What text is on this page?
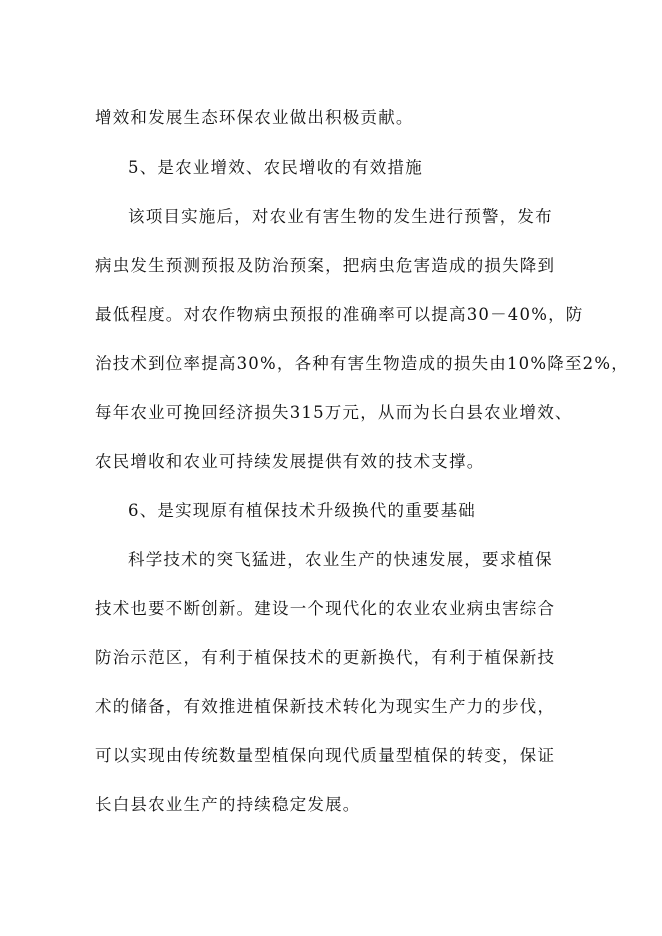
增效和发展生态环保农业做出积极贡献。
5、是农业增效、农民增收的有效措施
该项目实施后，对农业有害生物的发生进行预警，发布
病虫发生预测预报及防治预案，把病虫危害造成的损失降到
最低程度。对农作物病虫预报的准确率可以提高30－40%，防
治技术到位率提高30%，各种有害生物造成的损失由10%降至2%，
每年农业可挽回经济损失315万元，从而为长白县农业增效、
农民增收和农业可持续发展提供有效的技术支撑。
6、是实现原有植保技术升级换代的重要基础
科学技术的突飞猛进，农业生产的快速发展，要求植保
技术也要不断创新。建设一个现代化的农业农业病虫害综合
防治示范区，有利于植保技术的更新换代，有利于植保新技
术的储备，有效推进植保新技术转化为现实生产力的步伐，
可以实现由传统数量型植保向现代质量型植保的转变，保证
长白县农业生产的持续稳定发展。
